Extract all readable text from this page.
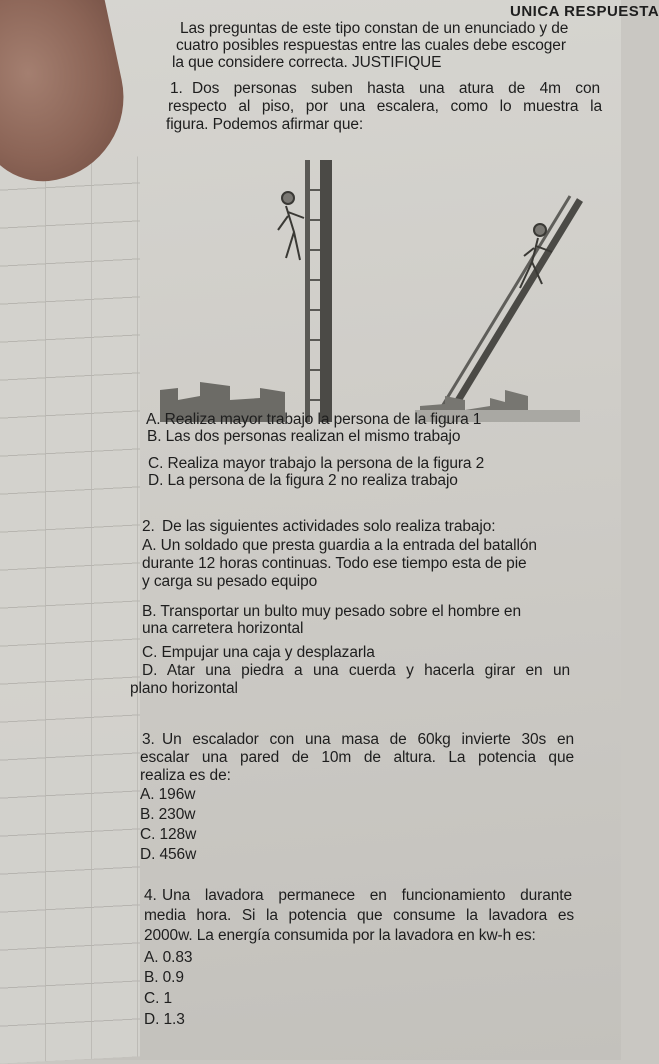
UNICA RESPUESTA
Las preguntas de este tipo constan de un enunciado y de
cuatro posibles respuestas entre las cuales debe escoger
la que considere correcta. JUSTIFIQUE
1. Dos personas suben hasta una atura de 4m con
respecto al piso, por una escalera, como lo muestra la
figura. Podemos afirmar que:
A. Realiza mayor trabajo la persona de la figura 1
B. Las dos personas realizan el mismo trabajo
C. Realiza mayor trabajo la persona de la figura 2
D. La persona de la figura 2 no realiza trabajo
2. De las siguientes actividades solo realiza trabajo:
A. Un soldado que presta guardia a la entrada del batallón
durante 12 horas continuas. Todo ese tiempo esta de pie
y carga su pesado equipo
B. Transportar un bulto muy pesado sobre el hombre en
una carretera horizontal
C. Empujar una caja y desplazarla
D. Atar una piedra a una cuerda y hacerla girar en un
plano horizontal
3. Un escalador con una masa de 60kg invierte 30s en
escalar una pared de 10m de altura. La potencia que
realiza es de:
A. 196w
B. 230w
C. 128w
D. 456w
4. Una lavadora permanece en funcionamiento durante
media hora. Si la potencia que consume la lavadora es
2000w. La energía consumida por la lavadora en kw-h es:
A. 0.83
B. 0.9
C. 1
D. 1.3
